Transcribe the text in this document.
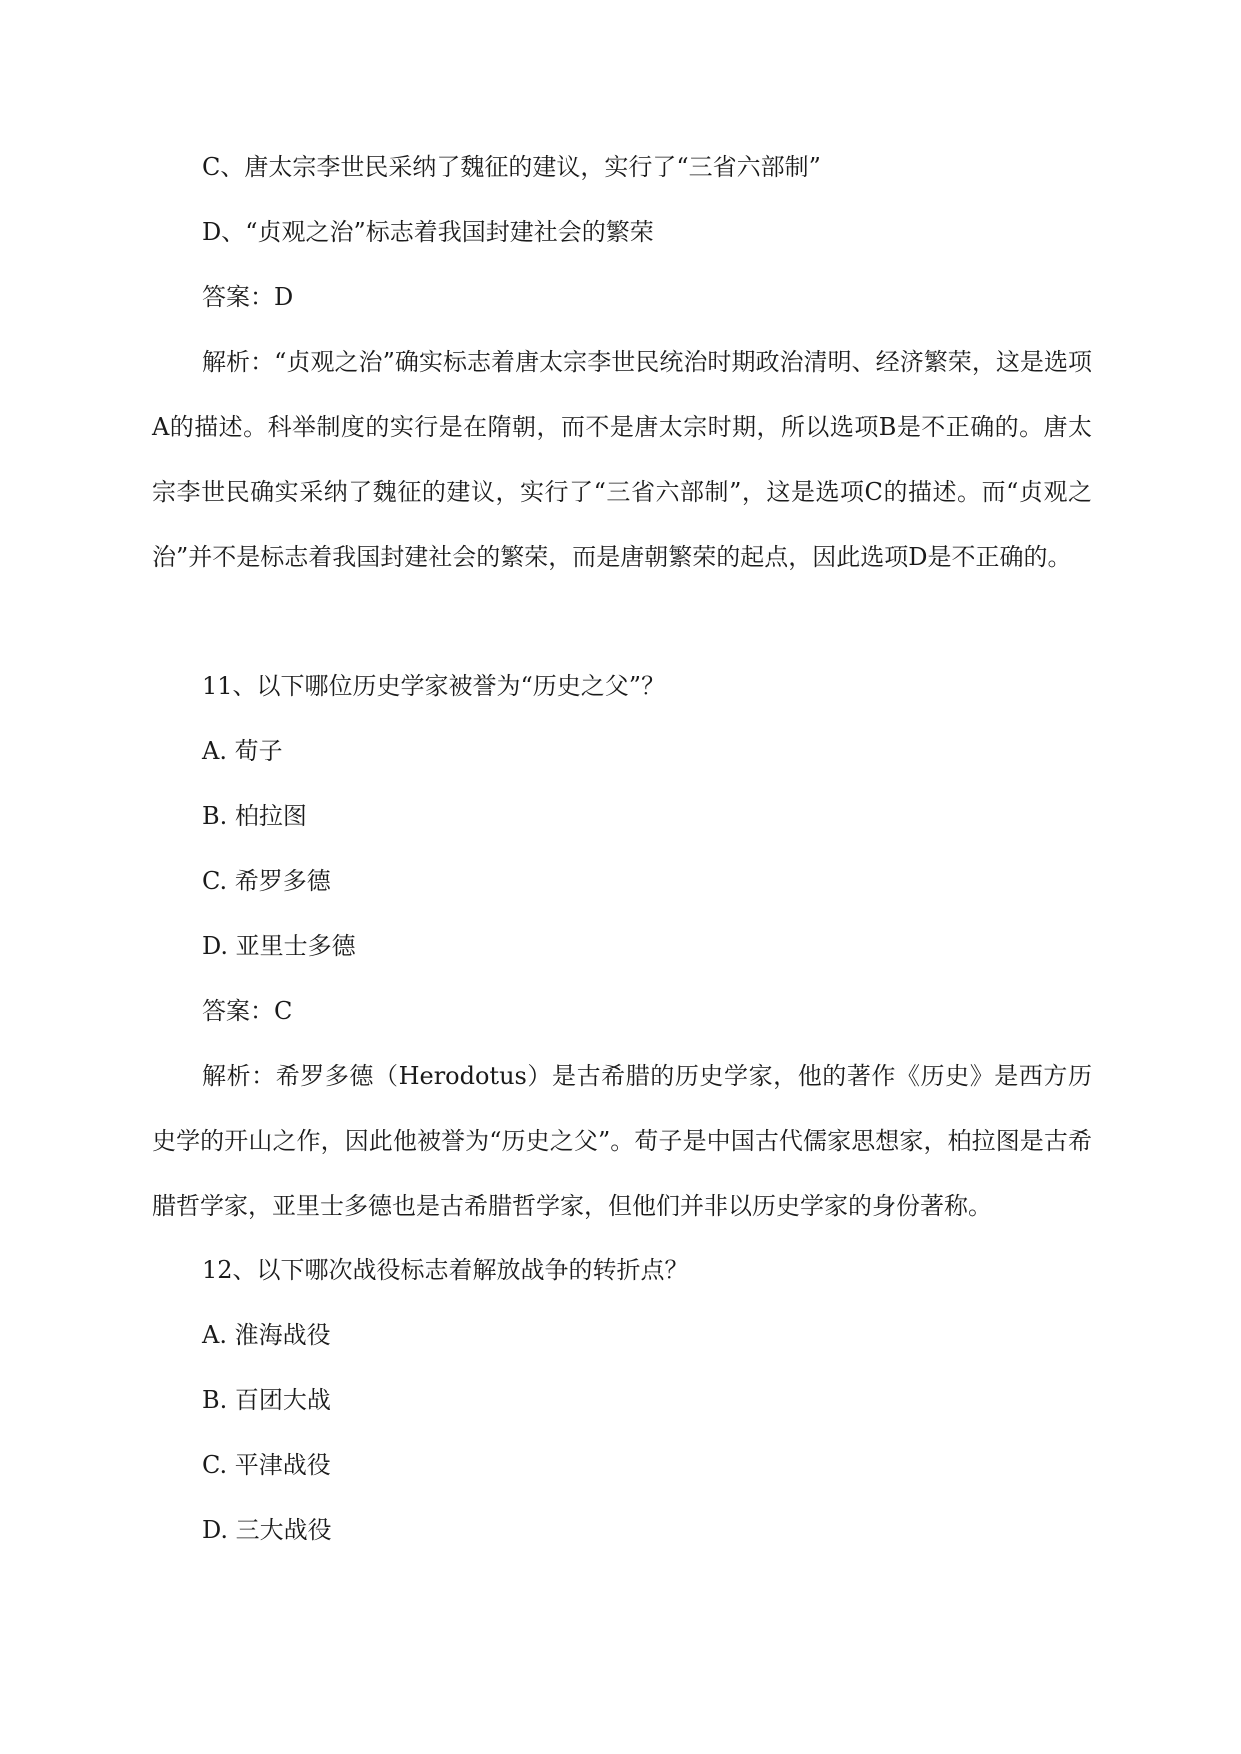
C、唐太宗李世民采纳了魏征的建议，实行了“三省六部制”
D、“贞观之治”标志着我国封建社会的繁荣
答案：D

解析：“贞观之治”确实标志着唐太宗李世民统治时期政治清明、经济繁荣，这是选项A的描述。科举制度的实行是在隋朝，而不是唐太宗时期，所以选项B是不正确的。唐太宗李世民确实采纳了魏征的建议，实行了“三省六部制”，这是选项C的描述。而“贞观之治”并不是标志着我国封建社会的繁荣，而是唐朝繁荣的起点，因此选项D是不正确的。

11、以下哪位历史学家被誉为“历史之父”？
A. 荀子
B. 柏拉图
C. 希罗多德
D. 亚里士多德
答案：C

解析：希罗多德（Herodotus）是古希腊的历史学家，他的著作《历史》是西方历史学的开山之作，因此他被誉为“历史之父”。荀子是中国古代儒家思想家，柏拉图是古希腊哲学家，亚里士多德也是古希腊哲学家，但他们并非以历史学家的身份著称。

12、以下哪次战役标志着解放战争的转折点？
A. 淮海战役
B. 百团大战
C. 平津战役
D. 三大战役
